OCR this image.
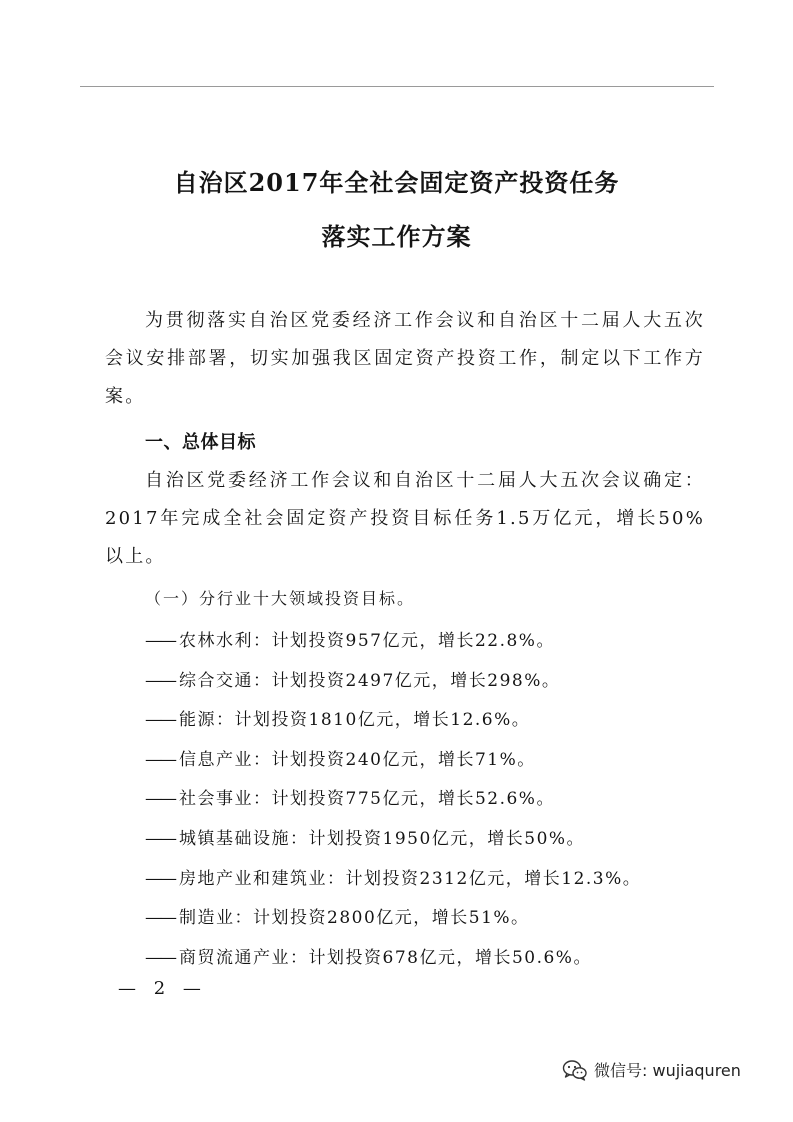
自治区2017年全社会固定资产投资任务
落实工作方案
为贯彻落实自治区党委经济工作会议和自治区十二届人大五次会议安排部署，切实加强我区固定资产投资工作，制定以下工作方案。
一、总体目标
自治区党委经济工作会议和自治区十二届人大五次会议确定：2017年完成全社会固定资产投资目标任务1.5万亿元，增长50%以上。
（一）分行业十大领域投资目标。
—— 农林水利：计划投资957亿元，增长22.8%。
—— 综合交通：计划投资2497亿元，增长298%。
—— 能源：计划投资1810亿元，增长12.6%。
—— 信息产业：计划投资240亿元，增长71%。
—— 社会事业：计划投资775亿元，增长52.6%。
—— 城镇基础设施：计划投资1950亿元，增长50%。
—— 房地产业和建筑业：计划投资2312亿元，增长12.3%。
—— 制造业：计划投资2800亿元，增长51%。
—— 商贸流通产业：计划投资678亿元，增长50.6%。
— 2 —
微信号: wujiaquren
